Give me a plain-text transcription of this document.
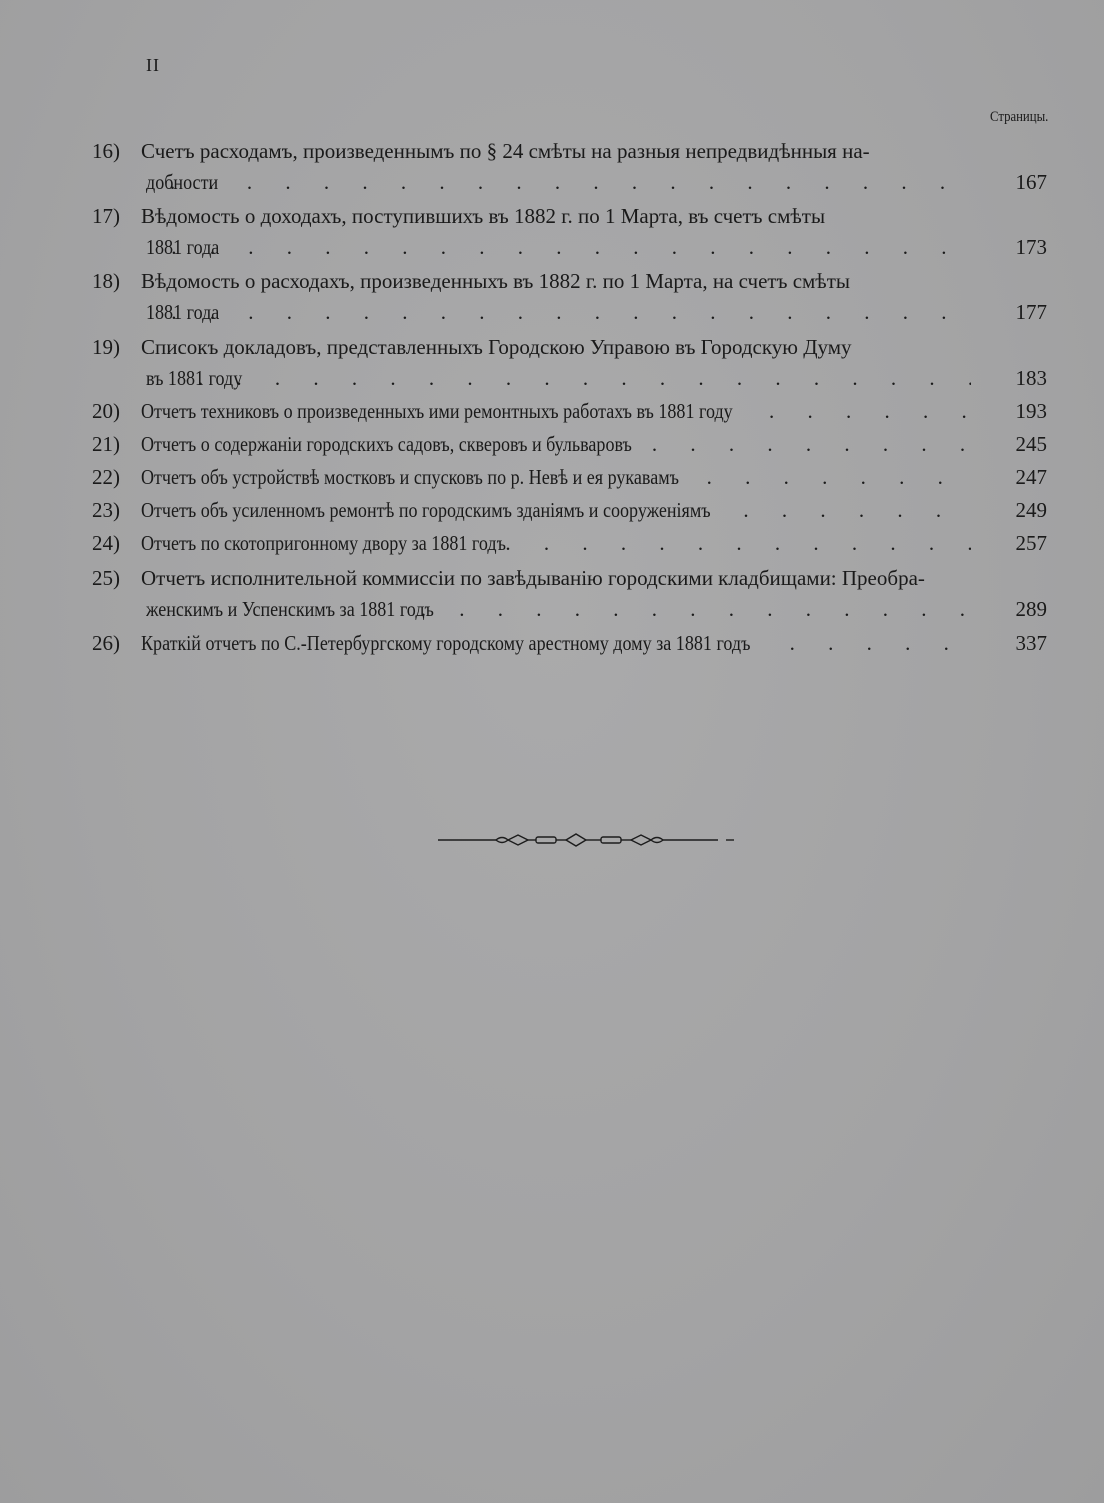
II
Страницы.
16) Счетъ расходамъ, произведеннымъ по § 24 смѣты на разныя непредвидѣнныя на-
добности . . .	167
17) Вѣдомость о доходахъ, поступившихъ въ 1882 г. по 1 Марта, въ счетъ смѣты
1881 года . . .	173
18) Вѣдомость о расходахъ, произведенныхъ въ 1882 г. по 1 Марта, на счетъ смѣты
1881 года . . .	177
19) Списокъ докладовъ, представленныхъ Городскою Управою въ Городскую Думу
въ 1881 году . . .	183
20) Отчетъ техниковъ о произведенныхъ ими ремонтныхъ работахъ въ 1881 году . . .	193
21) Отчетъ о содержаніи городскихъ садовъ, скверовъ и бульваровъ . . .	245
22) Отчетъ объ устройствѣ мостковъ и спусковъ по р. Невѣ и ея рукавамъ . . .	247
23) Отчетъ объ усиленномъ ремонтѣ по городскимъ зданіямъ и сооруженіямъ . . .	249
24) Отчетъ по скотопригонному двору за 1881 годъ . . .	257
25) Отчетъ исполнительной коммиссіи по завѣдыванію городскими кладбищами: Преобра-
женскимъ и Успенскимъ за 1881 годъ . . .	289
26) Краткій отчетъ по С.-Петербургскому городскому арестному дому за 1881 годъ . . .	337
